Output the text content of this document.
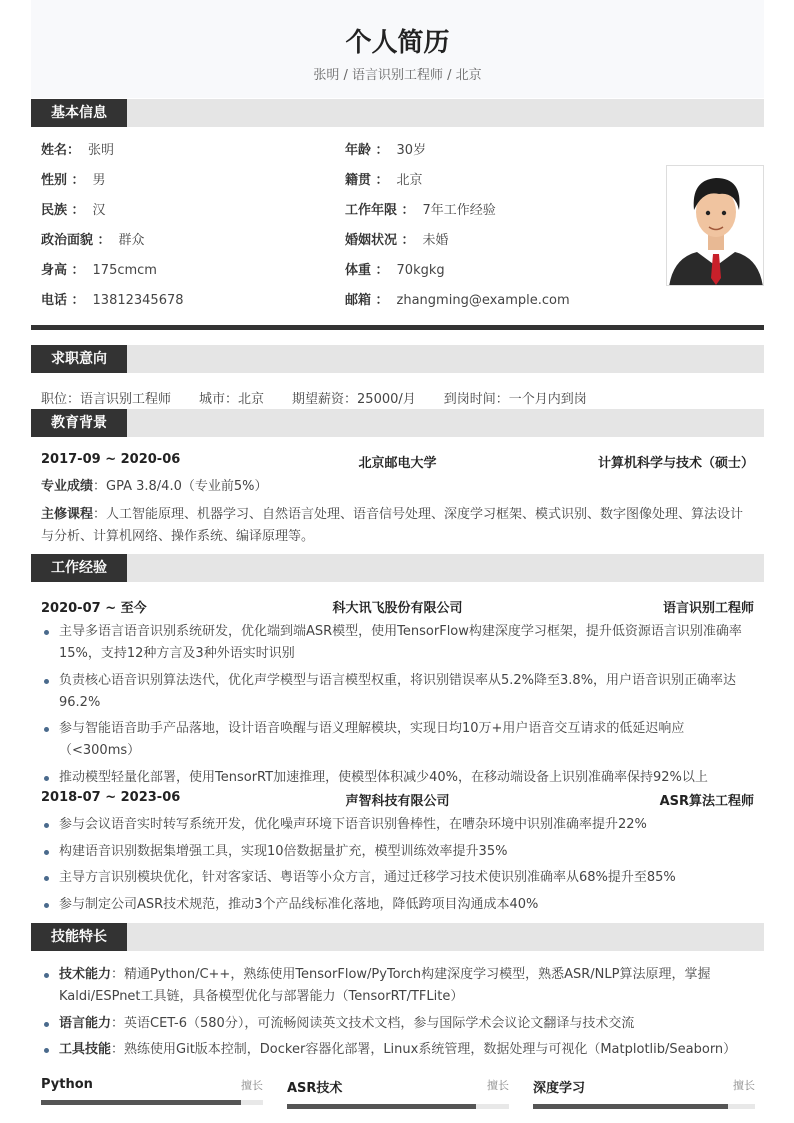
个人简历
张明 / 语言识别工程师 / 北京
基本信息
姓名： 张明	年龄 ： 30岁
性别 ： 男	籍贯 ： 北京
民族 ： 汉	工作年限 ： 7年工作经验
政治面貌 ： 群众	婚姻状况 ： 未婚
身高 ： 175cmcm	体重 ： 70kgkg
电话 ： 13812345678	邮箱 ： zhangming@example.com
求职意向
职位：语言识别工程师 城市：北京 期望薪资：25000/月 到岗时间：一个月内到岗
教育背景
2017-09 ~ 2020-06	北京邮电大学	计算机科学与技术（硕士）
专业成绩：GPA 3.8/4.0（专业前5%）
主修课程：人工智能原理、机器学习、自然语言处理、语音信号处理、深度学习框架、模式识别、数字图像处理、算法设计与分析、计算机网络、操作系统、编译原理等。
工作经验
2020-07 ~ 至今	科大讯飞股份有限公司	语言识别工程师
主导多语言语音识别系统研发，优化端到端ASR模型，使用TensorFlow构建深度学习框架，提升低资源语言识别准确率15%，支持12种方言及3种外语实时识别
负责核心语音识别算法迭代，优化声学模型与语言模型权重，将识别错误率从5.2%降至3.8%，用户语音识别正确率达96.2%
参与智能语音助手产品落地，设计语音唤醒与语义理解模块，实现日均10万+用户语音交互请求的低延迟响应（<300ms）
推动模型轻量化部署，使用TensorRT加速推理，使模型体积减少40%，在移动端设备上识别准确率保持92%以上
2018-07 ~ 2023-06	声智科技有限公司	ASR算法工程师
参与会议语音实时转写系统开发，优化噪声环境下语音识别鲁棒性，在嘈杂环境中识别准确率提升22%
构建语音识别数据集增强工具，实现10倍数据量扩充，模型训练效率提升35%
主导方言识别模块优化，针对客家话、粤语等小众方言，通过迁移学习技术使识别准确率从68%提升至85%
参与制定公司ASR技术规范，推动3个产品线标准化落地，降低跨项目沟通成本40%
技能特长
技术能力：精通Python/C++，熟练使用TensorFlow/PyTorch构建深度学习模型，熟悉ASR/NLP算法原理，掌握Kaldi/ESPnet工具链，具备模型优化与部署能力（TensorRT/TFLite）
语言能力：英语CET-6（580分），可流畅阅读英文技术文档，参与国际学术会议论文翻译与技术交流
工具技能：熟练使用Git版本控制，Docker容器化部署，Linux系统管理，数据处理与可视化（Matplotlib/Seaborn）
Python	擅长 ASR技术	擅长 深度学习	擅长
